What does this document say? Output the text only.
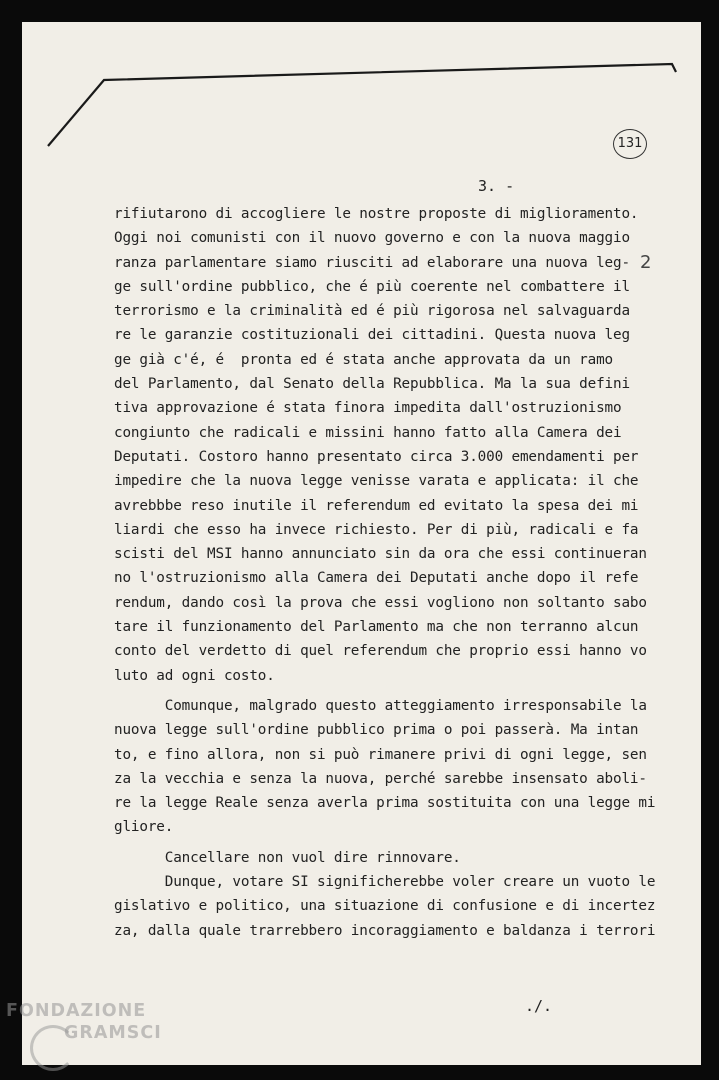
131
3. -
2
rifiutarono di accogliere le nostre proposte di miglioramento.
Oggi noi comunisti con il nuovo governo e con la nuova maggio
ranza parlamentare siamo riusciti ad elaborare una nuova leg-
ge sull'ordine pubblico, che é più coerente nel combattere il
terrorismo e la criminalità ed é più rigorosa nel salvaguarda
re le garanzie costituzionali dei cittadini. Questa nuova leg
ge già c'é, é  pronta ed é stata anche approvata da un ramo
del Parlamento, dal Senato della Repubblica. Ma la sua defini
tiva approvazione é stata finora impedita dall'ostruzionismo
congiunto che radicali e missini hanno fatto alla Camera dei
Deputati. Costoro hanno presentato circa 3.000 emendamenti per
impedire che la nuova legge venisse varata e applicata: il che
avrebbbe reso inutile il referendum ed evitato la spesa dei mi
liardi che esso ha invece richiesto. Per di più, radicali e fa
scisti del MSI hanno annunciato sin da ora che essi continueran
no l'ostruzionismo alla Camera dei Deputati anche dopo il refe
rendum, dando così la prova che essi vogliono non soltanto sabo
tare il funzionamento del Parlamento ma che non terranno alcun
conto del verdetto di quel referendum che proprio essi hanno vo
luto ad ogni costo.
Comunque, malgrado questo atteggiamento irresponsabile la
nuova legge sull'ordine pubblico prima o poi passerà. Ma intan
to, e fino allora, non si può rimanere privi di ogni legge, sen
za la vecchia e senza la nuova, perché sarebbe insensato aboli-
re la legge Reale senza averla prima sostituita con una legge mi
gliore.
Cancellare non vuol dire rinnovare.
Dunque, votare SI significherebbe voler creare un vuoto le
gislativo e politico, una situazione di confusione e di incertez
za, dalla quale trarrebbero incoraggiamento e baldanza i terrori
./.
FONDAZIONE
GRAMSCI
